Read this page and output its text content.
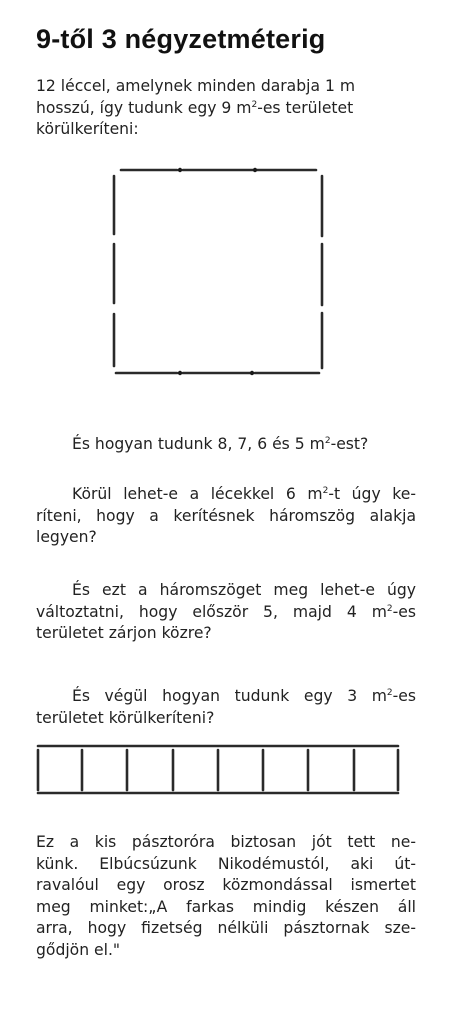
9-től 3 négyzetméterig
12 léccel, amelynek minden darabja 1 m
hosszú, így tudunk egy 9 $m^2-es$ területet
körülkeríteni:
És hogyan tudunk 8, 7, 6 és 5 $m^2$-est?
Körül lehet-e a lécekkel 6 $m^2-t$ úgy ke-
ríteni, hogy a kerítésnek háromszög alakja
legyen?
És ezt a háromszöget meg lehet-e úgy
változtatni, hogy először 5, majd 4 $m^2-es$
területet zárjon közre?
És végül hogyan tudunk egy 3 $m^2-es$
területet körülkeríteni?
Ez a kis pásztoróra biztosan jót tett ne-
künk. Elbúcsúzunk Nikodémustól, aki út-
ravalóul egy orosz közmondással ismertet
meg minket:„A farkas mindig készen áll
arra, hogy fizetség nélküli pásztornak sze-
gődjön el."
